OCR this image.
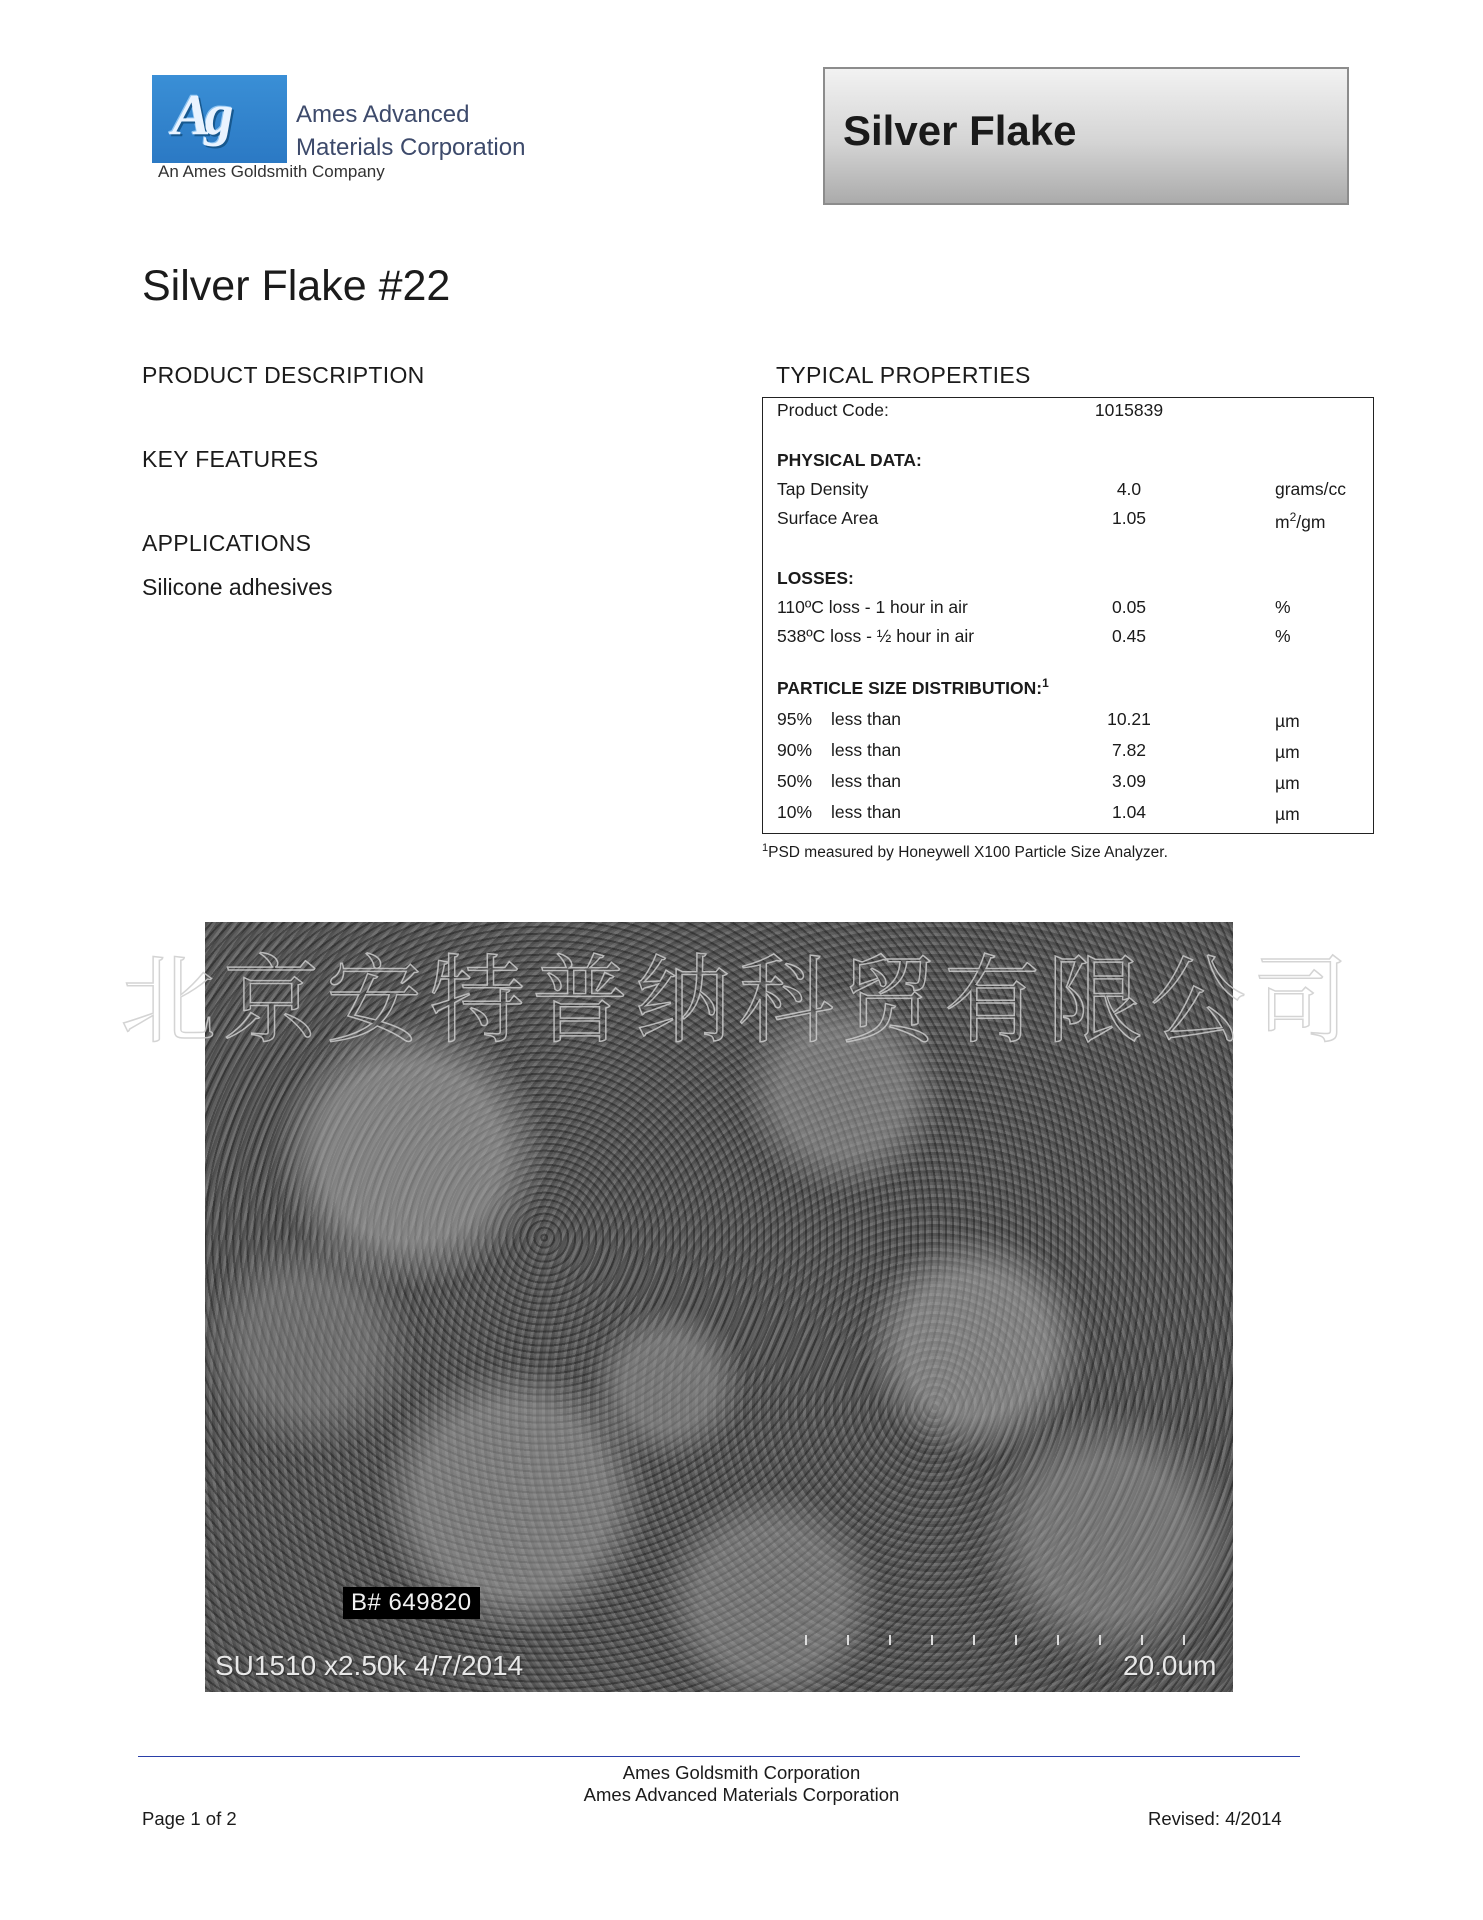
Ag	Ames Advanced
Materials Corporation
An Ames Goldsmith Company
Silver Flake
Silver Flake #22
PRODUCT DESCRIPTION
KEY FEATURES
APPLICATIONS
Silicone adhesives
TYPICAL PROPERTIES
Product Code:	1015839
PHYSICAL DATA:
Tap Density	4.0	grams/cc
Surface Area	1.05	$m^2/gm$
LOSSES:
110ºC loss - 1 hour in air	0.05	%
538ºC loss - ½ hour in air	0.45	%
PARTICLE SIZE DISTRIBUTION:$^1$
95% less than	10.21	µm
90% less than	7.82	µm
50% less than	3.09	µm
10% less than	1.04	µm
$^1$PSD measured by Honeywell X100 Particle Size Analyzer.
B# 649820
SU1510 x2.50k 4/7/2014	20.0um
北京安特普纳科贸有限公司
Ames Goldsmith Corporation
Ames Advanced Materials Corporation
Page 1 of 2	Revised: 4/2014
